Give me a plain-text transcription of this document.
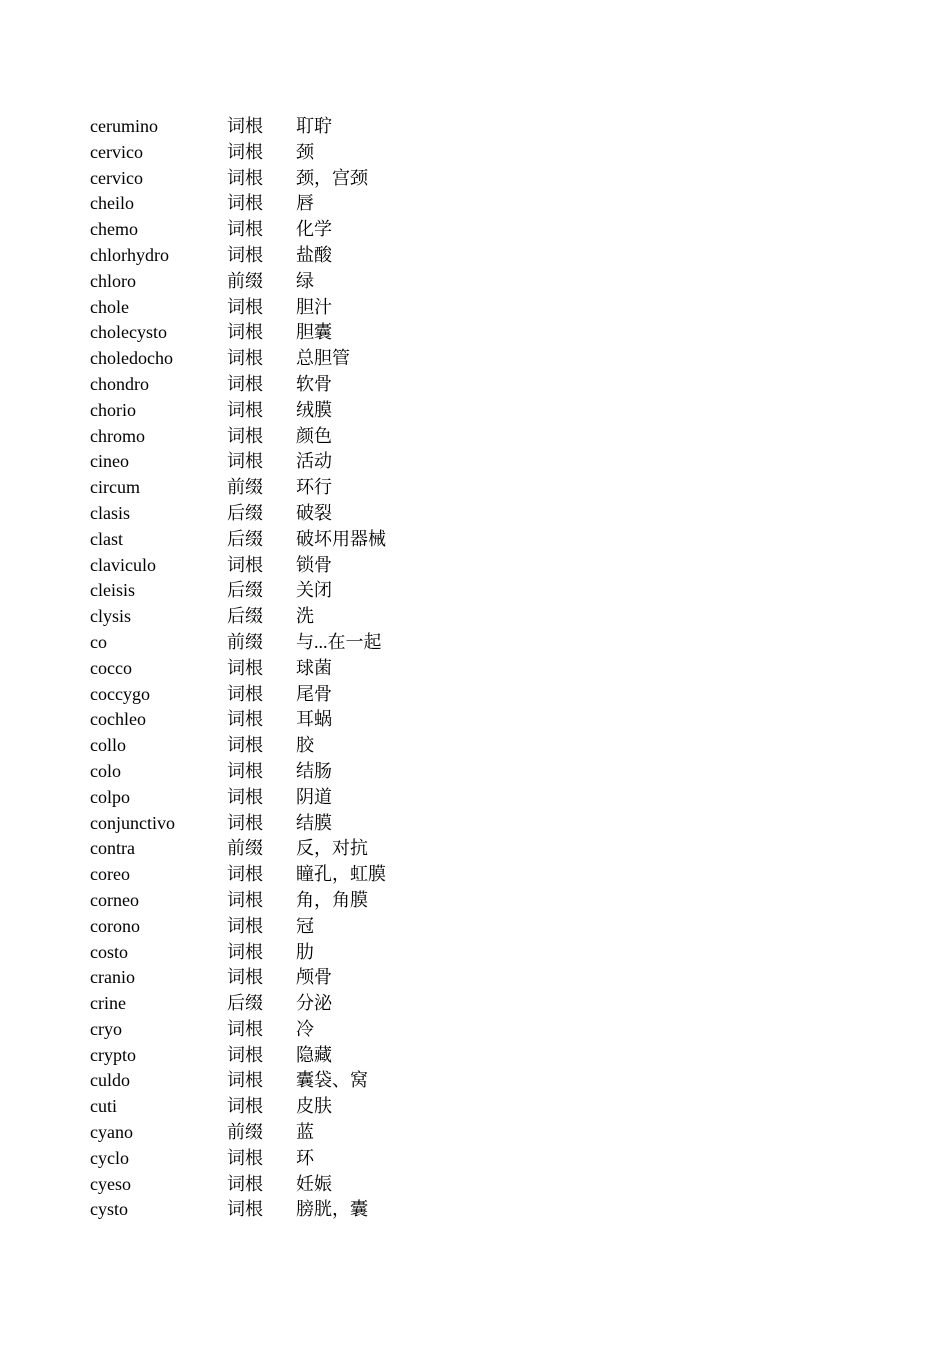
cerumino	词根	耵聍
cervico	词根	颈
cervico	词根	颈，宫颈
cheilo	词根	唇
chemo	词根	化学
chlorhydro	词根	盐酸
chloro	前缀	绿
chole	词根	胆汁
cholecysto	词根	胆囊
choledocho	词根	总胆管
chondro	词根	软骨
chorio	词根	绒膜
chromo	词根	颜色
cineo	词根	活动
circum	前缀	环行
clasis	后缀	破裂
clast	后缀	破坏用器械
claviculo	词根	锁骨
cleisis	后缀	关闭
clysis	后缀	洗
co	前缀	与...在一起
cocco	词根	球菌
coccygo	词根	尾骨
cochleo	词根	耳蜗
collo	词根	胶
colo	词根	结肠
colpo	词根	阴道
conjunctivo	词根	结膜
contra	前缀	反，对抗
coreo	词根	瞳孔，虹膜
corneo	词根	角，角膜
corono	词根	冠
costo	词根	肋
cranio	词根	颅骨
crine	后缀	分泌
cryo	词根	冷
crypto	词根	隐藏
culdo	词根	囊袋、窝
cuti	词根	皮肤
cyano	前缀	蓝
cyclo	词根	环
cyeso	词根	妊娠
cysto	词根	膀胱，囊
